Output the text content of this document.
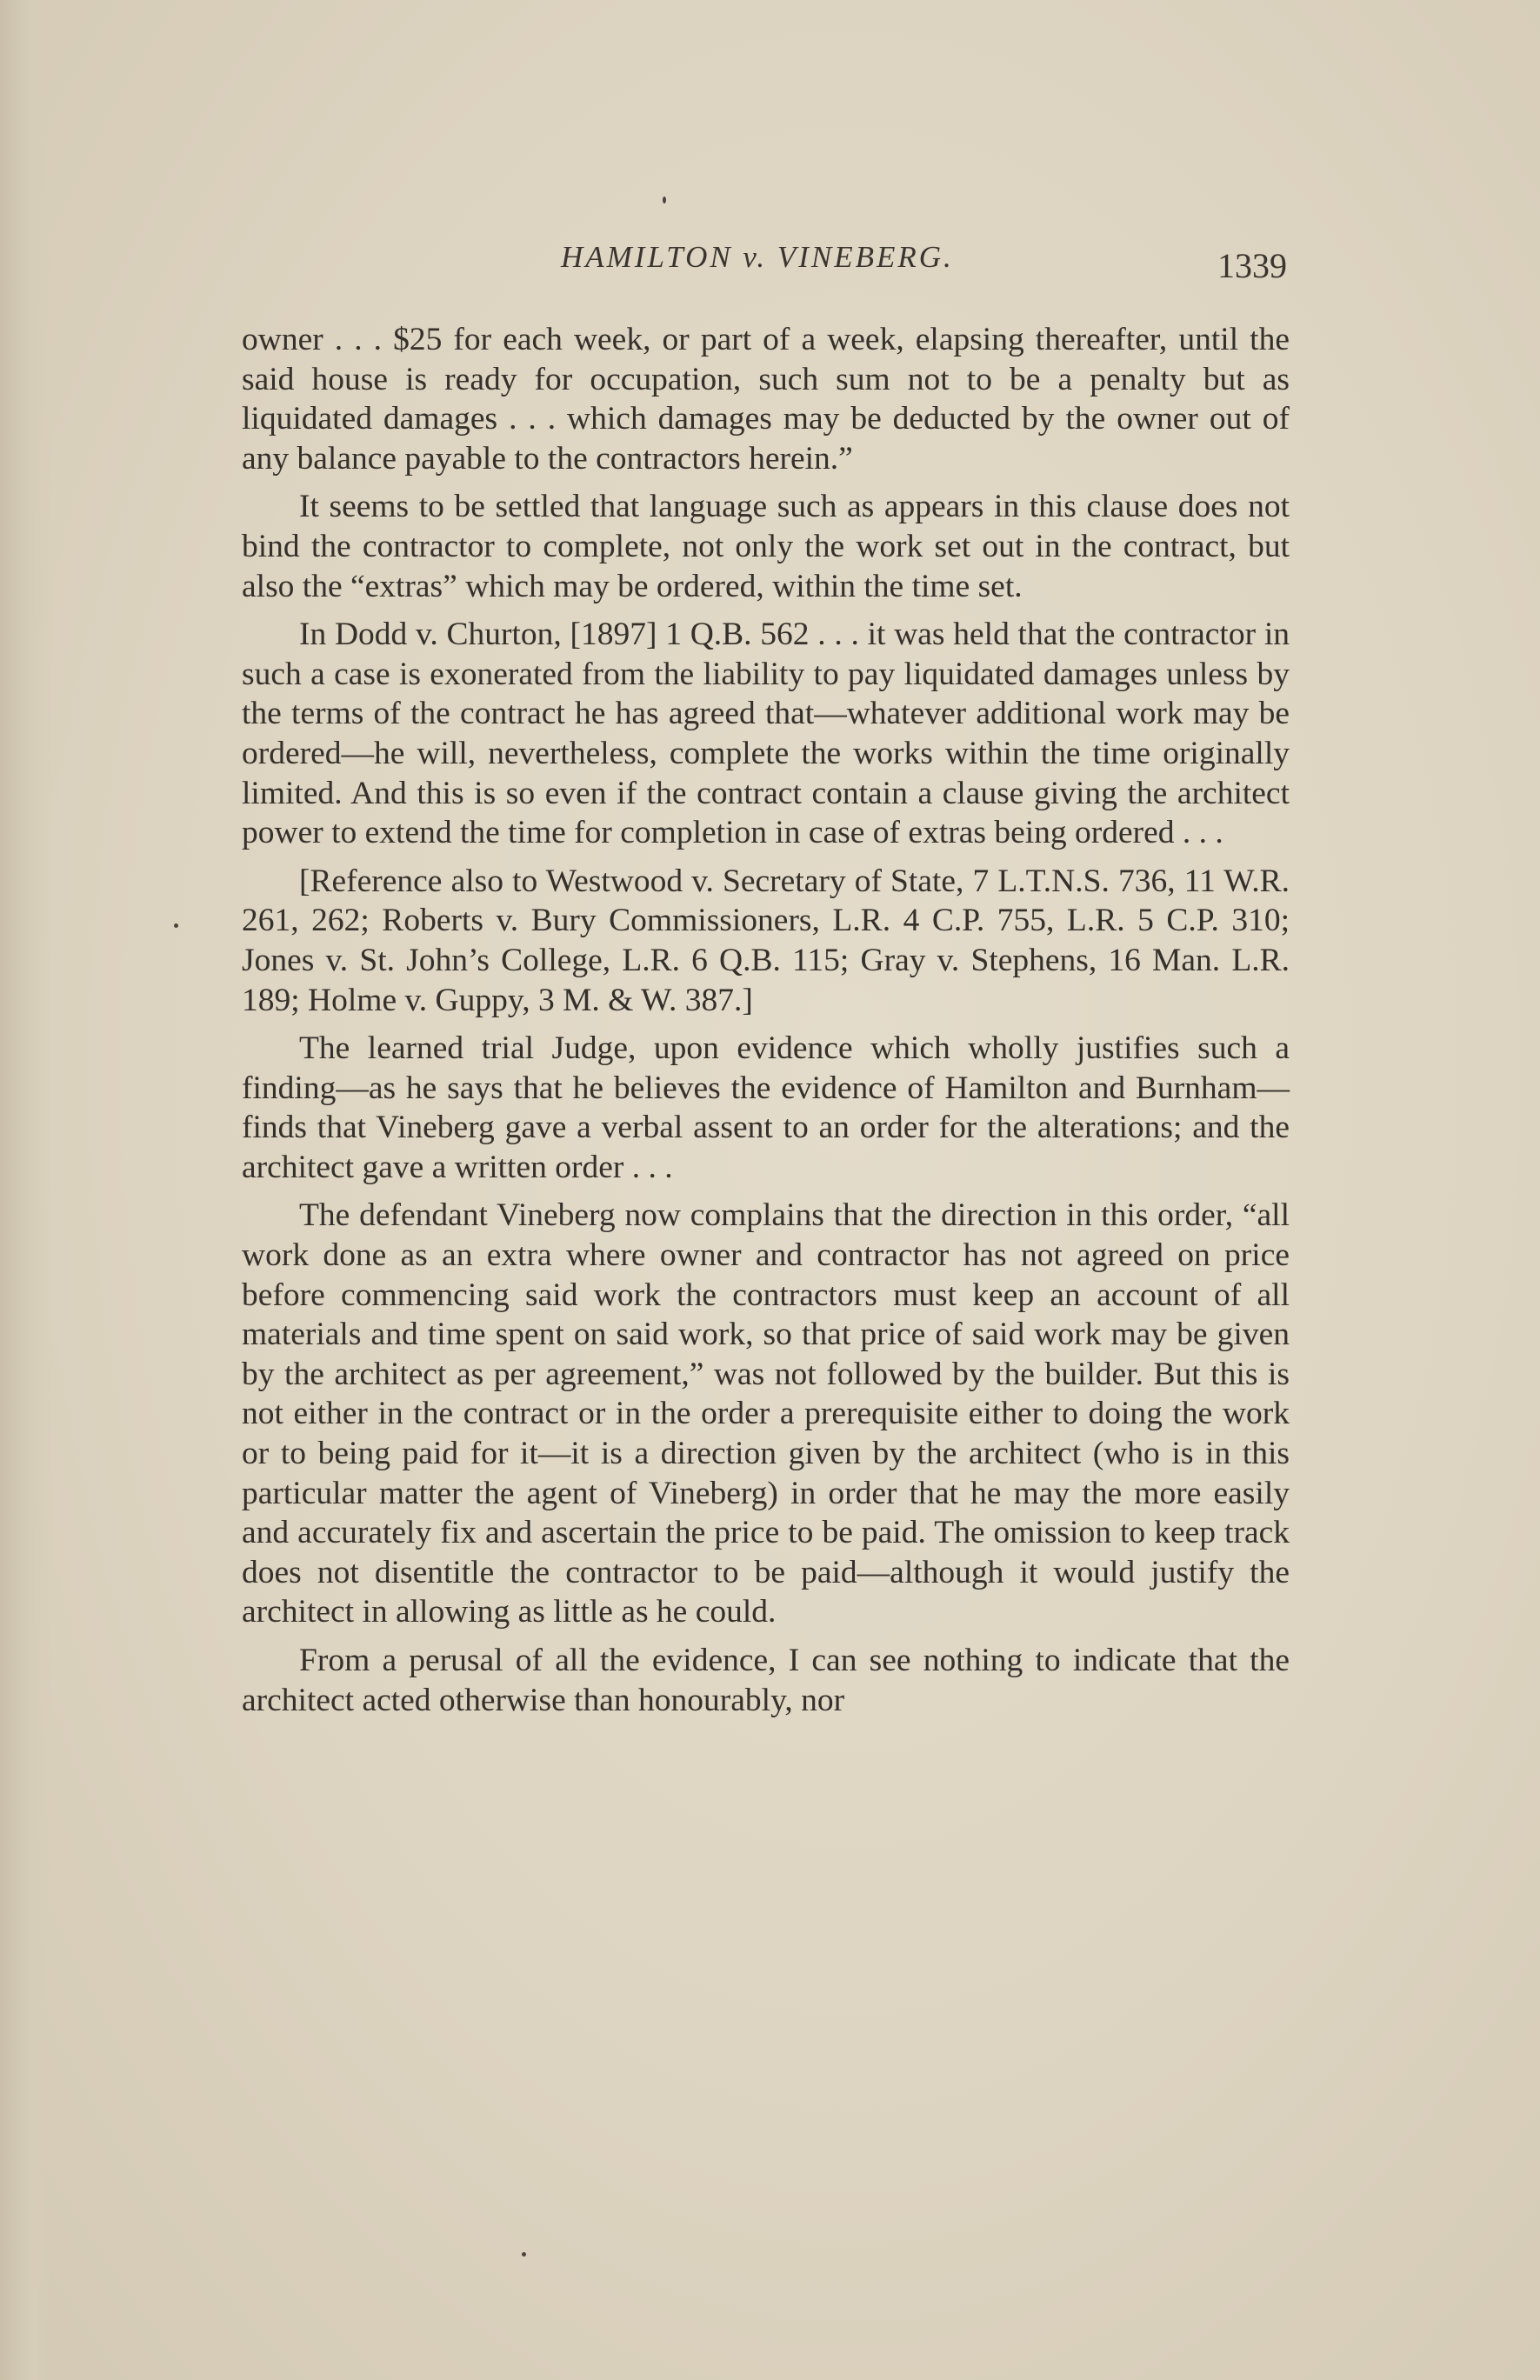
HAMILTON v. VINEBERG.	1339

owner . . . $25 for each week, or part of a week, elapsing thereafter, until the said house is ready for occupation, such sum not to be a penalty but as liquidated damages . . . which damages may be deducted by the owner out of any balance payable to the contractors herein.”

It seems to be settled that language such as appears in this clause does not bind the contractor to complete, not only the work set out in the contract, but also the “extras” which may be ordered, within the time set.

In Dodd v. Churton, [1897] 1 Q.B. 562 . . . it was held that the contractor in such a case is exonerated from the liability to pay liquidated damages unless by the terms of the contract he has agreed that—whatever additional work may be ordered—he will, nevertheless, complete the works within the time originally limited. And this is so even if the contract contain a clause giving the architect power to extend the time for completion in case of extras being ordered . . .

[Reference also to Westwood v. Secretary of State, 7 L.T.N.S. 736, 11 W.R. 261, 262; Roberts v. Bury Commissioners, L.R. 4 C.P. 755, L.R. 5 C.P. 310; Jones v. St. John’s College, L.R. 6 Q.B. 115; Gray v. Stephens, 16 Man. L.R. 189; Holme v. Guppy, 3 M. & W. 387.]

The learned trial Judge, upon evidence which wholly justifies such a finding—as he says that he believes the evidence of Hamilton and Burnham—finds that Vineberg gave a verbal assent to an order for the alterations; and the architect gave a written order . . .

The defendant Vineberg now complains that the direction in this order, “all work done as an extra where owner and contractor has not agreed on price before commencing said work the contractors must keep an account of all materials and time spent on said work, so that price of said work may be given by the architect as per agreement,” was not followed by the builder. But this is not either in the contract or in the order a prerequisite either to doing the work or to being paid for it—it is a direction given by the architect (who is in this particular matter the agent of Vineberg) in order that he may the more easily and accurately fix and ascertain the price to be paid. The omission to keep track does not disentitle the contractor to be paid—although it would justify the architect in allowing as little as he could.

From a perusal of all the evidence, I can see nothing to indicate that the architect acted otherwise than honourably, nor
